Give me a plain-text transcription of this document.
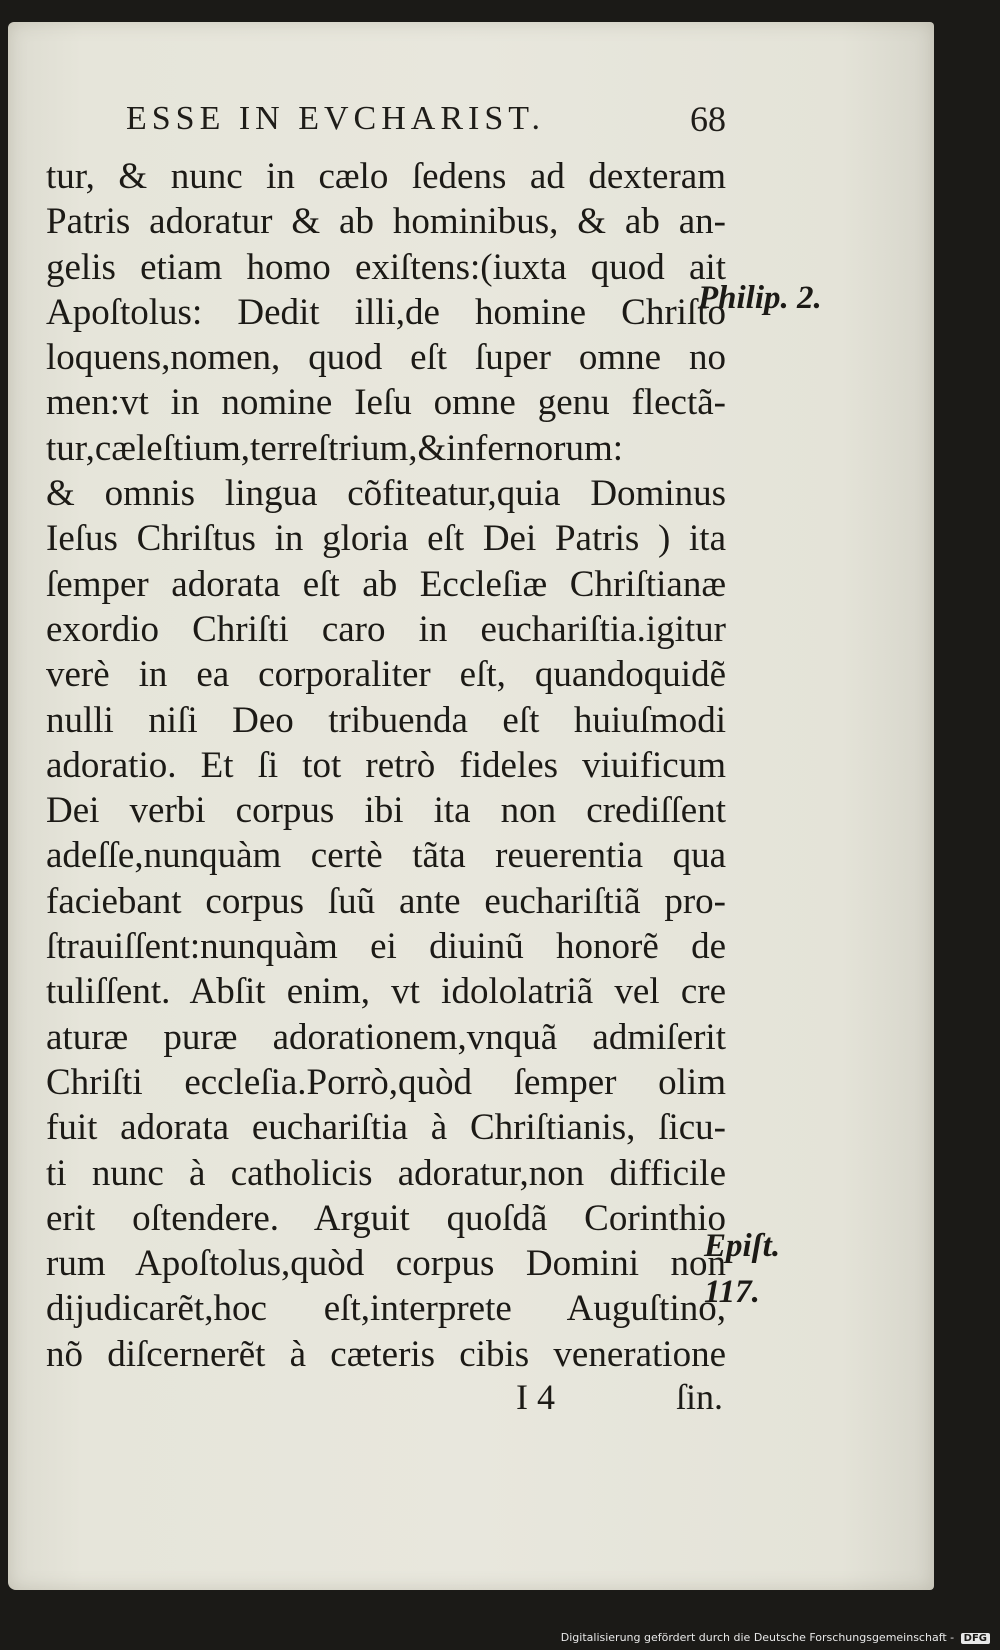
ESSE IN EVCHARIST.	68
tur, & nunc in cælo ſedens ad dexteram
Patris adoratur & ab hominibus, & ab an-
gelis etiam homo exiſtens:(iuxta quod ait
Apoſtolus: Dedit illi,de homine Chriſto
loquens,nomen, quod eſt ſuper omne no
men:vt in nomine Ieſu omne genu flectã-
tur,cæleſtium,terreſtrium,&infernorum:
& omnis lingua cõfiteatur,quia Dominus
Ieſus Chriſtus in gloria eſt Dei Patris ) ita
ſemper adorata eſt ab Eccleſiæ Chriſtianæ
exordio Chriſti caro in euchariſtia.igitur
verè in ea corporaliter eſt, quandoquidẽ
nulli niſi Deo tribuenda eſt huiuſmodi
adoratio. Et ſi tot retrò fideles viuificum
Dei verbi corpus ibi ita non crediſſent
adeſſe,nunquàm certè tãta reuerentia qua
faciebant corpus ſuũ ante euchariſtiã pro-
ſtrauiſſent:nunquàm ei diuinũ honorẽ de
tuliſſent. Abſit enim, vt idololatriã vel cre
aturæ puræ adorationem,vnquã admiſerit
Chriſti eccleſia.Porrò,quòd ſemper olim
fuit adorata euchariſtia à Chriſtianis, ſicu-
ti nunc à catholicis adoratur,non difficile
erit oſtendere. Arguit quoſdã Corinthio
rum Apoſtolus,quòd corpus Domini non
dijudicarẽt,hoc eſt,interprete Auguſtino,
nõ diſcernerẽt à cæteris cibis veneratione
Philip. 2.
Epiſt.
117.
I 4	ſin.
Digitalisierung gefördert durch die Deutsche Forschungsgemeinschaft - DFG
